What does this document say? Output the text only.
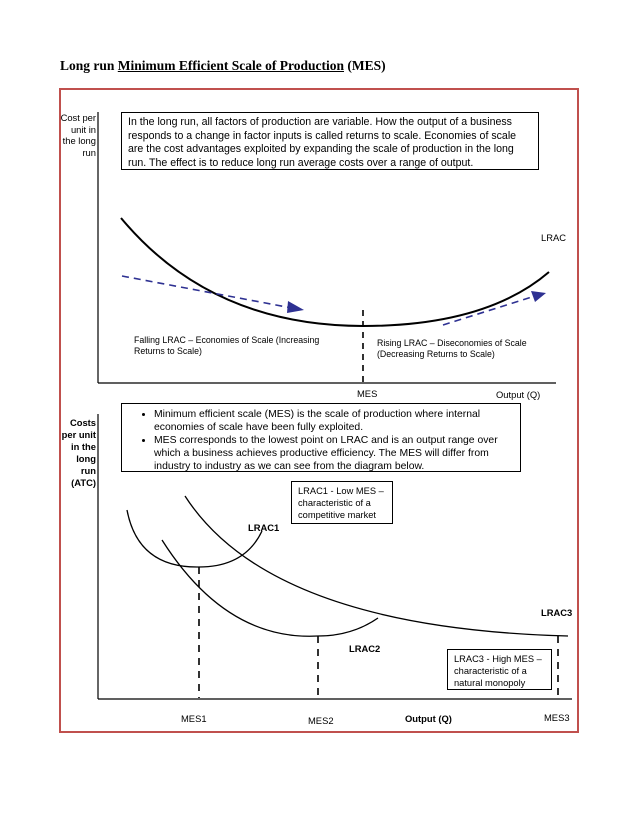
Long run Minimum Efficient Scale of Production (MES)
Cost per unit in the long run
In the long run, all factors of production are variable. How the output of a business responds to a change in factor inputs is called returns to scale. Economies of scale are the cost advantages exploited by expanding the scale of production in the long run. The effect is to reduce long run average costs over a range of output.
LRAC
Falling LRAC – Economies of Scale (Increasing Returns to Scale)
Rising LRAC – Diseconomies of Scale (Decreasing Returns to Scale)
MES	Output (Q)
Costs per unit in the long run (ATC)
• Minimum efficient scale (MES) is the scale of production where internal economies of scale have been fully exploited.
• MES corresponds to the lowest point on LRAC and is an output range over which a business achieves productive efficiency. The MES will differ from industry to industry as we can see from the diagram below.
LRAC1 - Low MES – characteristic of a competitive market
LRAC3 - High MES – characteristic of a natural monopoly
LRAC1
LRAC2
LRAC3
MES1	MES2	MES3
Output (Q)
